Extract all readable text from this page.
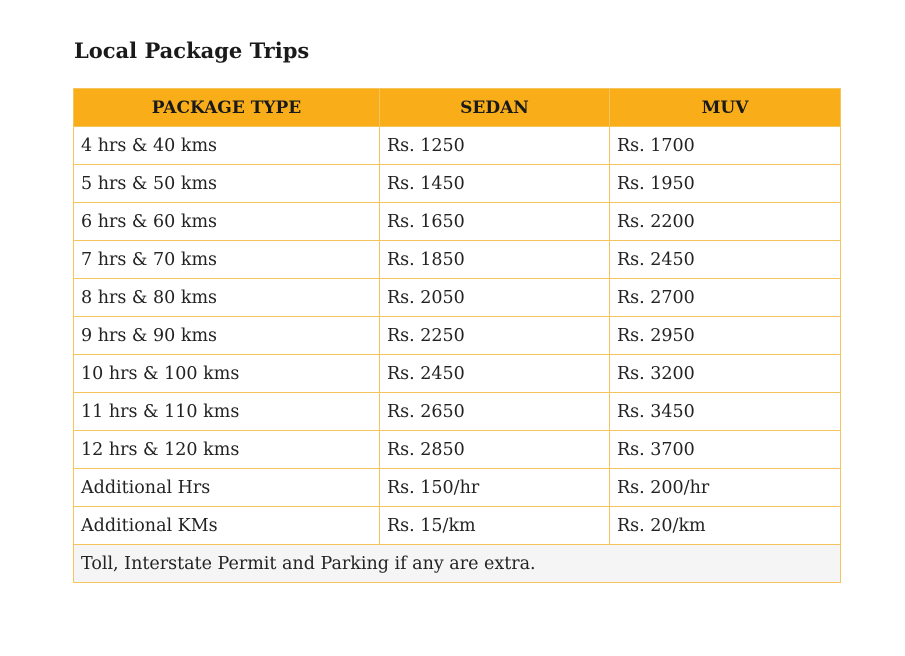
Local Package Trips
PACKAGE TYPE	SEDAN	MUV
4 hrs & 40 kms	Rs. 1250	Rs. 1700
5 hrs & 50 kms	Rs. 1450	Rs. 1950
6 hrs & 60 kms	Rs. 1650	Rs. 2200
7 hrs & 70 kms	Rs. 1850	Rs. 2450
8 hrs & 80 kms	Rs. 2050	Rs. 2700
9 hrs & 90 kms	Rs. 2250	Rs. 2950
10 hrs & 100 kms	Rs. 2450	Rs. 3200
11 hrs & 110 kms	Rs. 2650	Rs. 3450
12 hrs & 120 kms	Rs. 2850	Rs. 3700
Additional Hrs	Rs. 150/hr	Rs. 200/hr
Additional KMs	Rs. 15/km	Rs. 20/km
Toll, Interstate Permit and Parking if any are extra.		
